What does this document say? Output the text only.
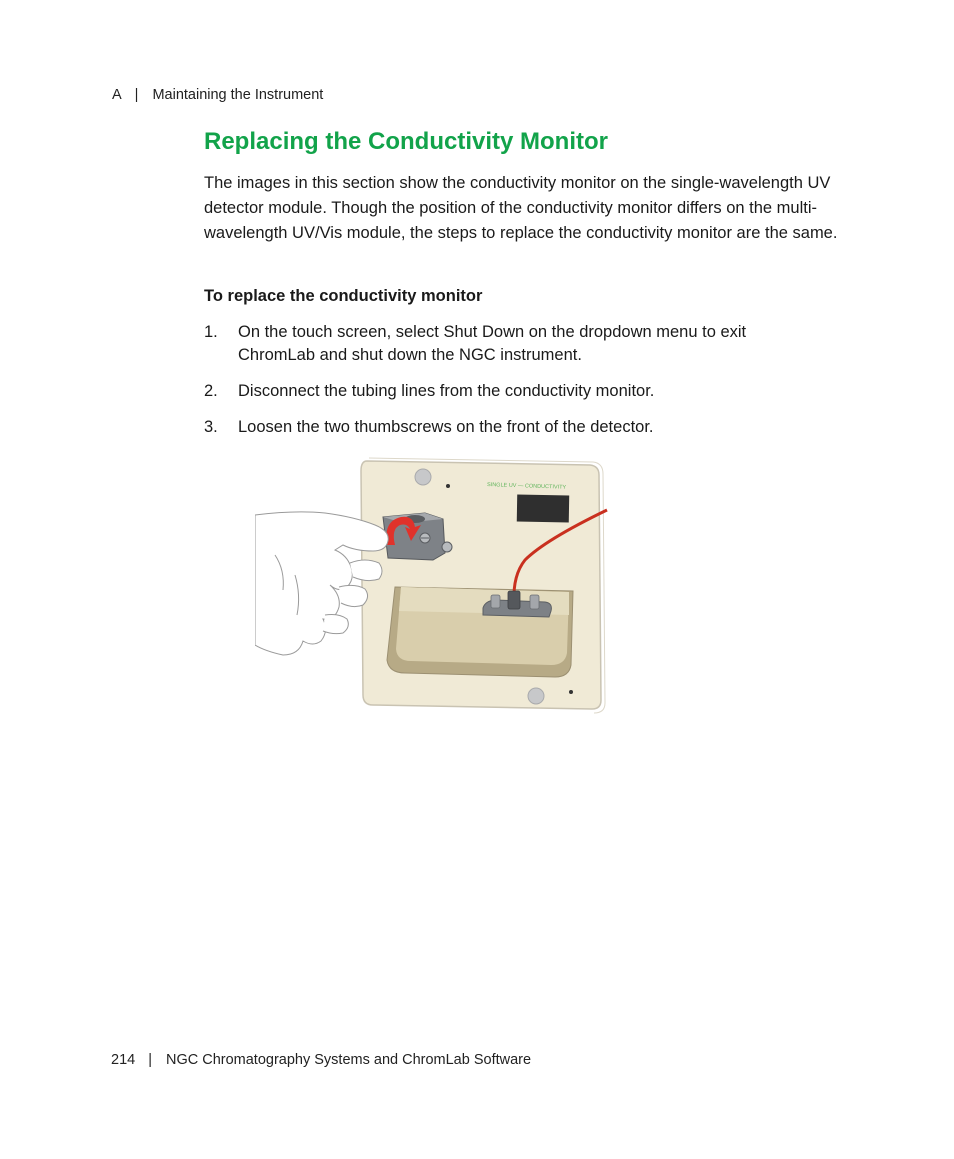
A | Maintaining the Instrument
Replacing the Conductivity Monitor

The images in this section show the conductivity monitor on the single-wavelength UV detector module. Though the position of the conductivity monitor differs on the multi-wavelength UV/Vis module, the steps to replace the conductivity monitor are the same.

To replace the conductivity monitor
1. On the touch screen, select Shut Down on the dropdown menu to exit ChromLab and shut down the NGC instrument.
2. Disconnect the tubing lines from the conductivity monitor.
3. Loosen the two thumbscrews on the front of the detector.
SINGLE UV — CONDUCTIVITY
214 | NGC Chromatography Systems and ChromLab Software
